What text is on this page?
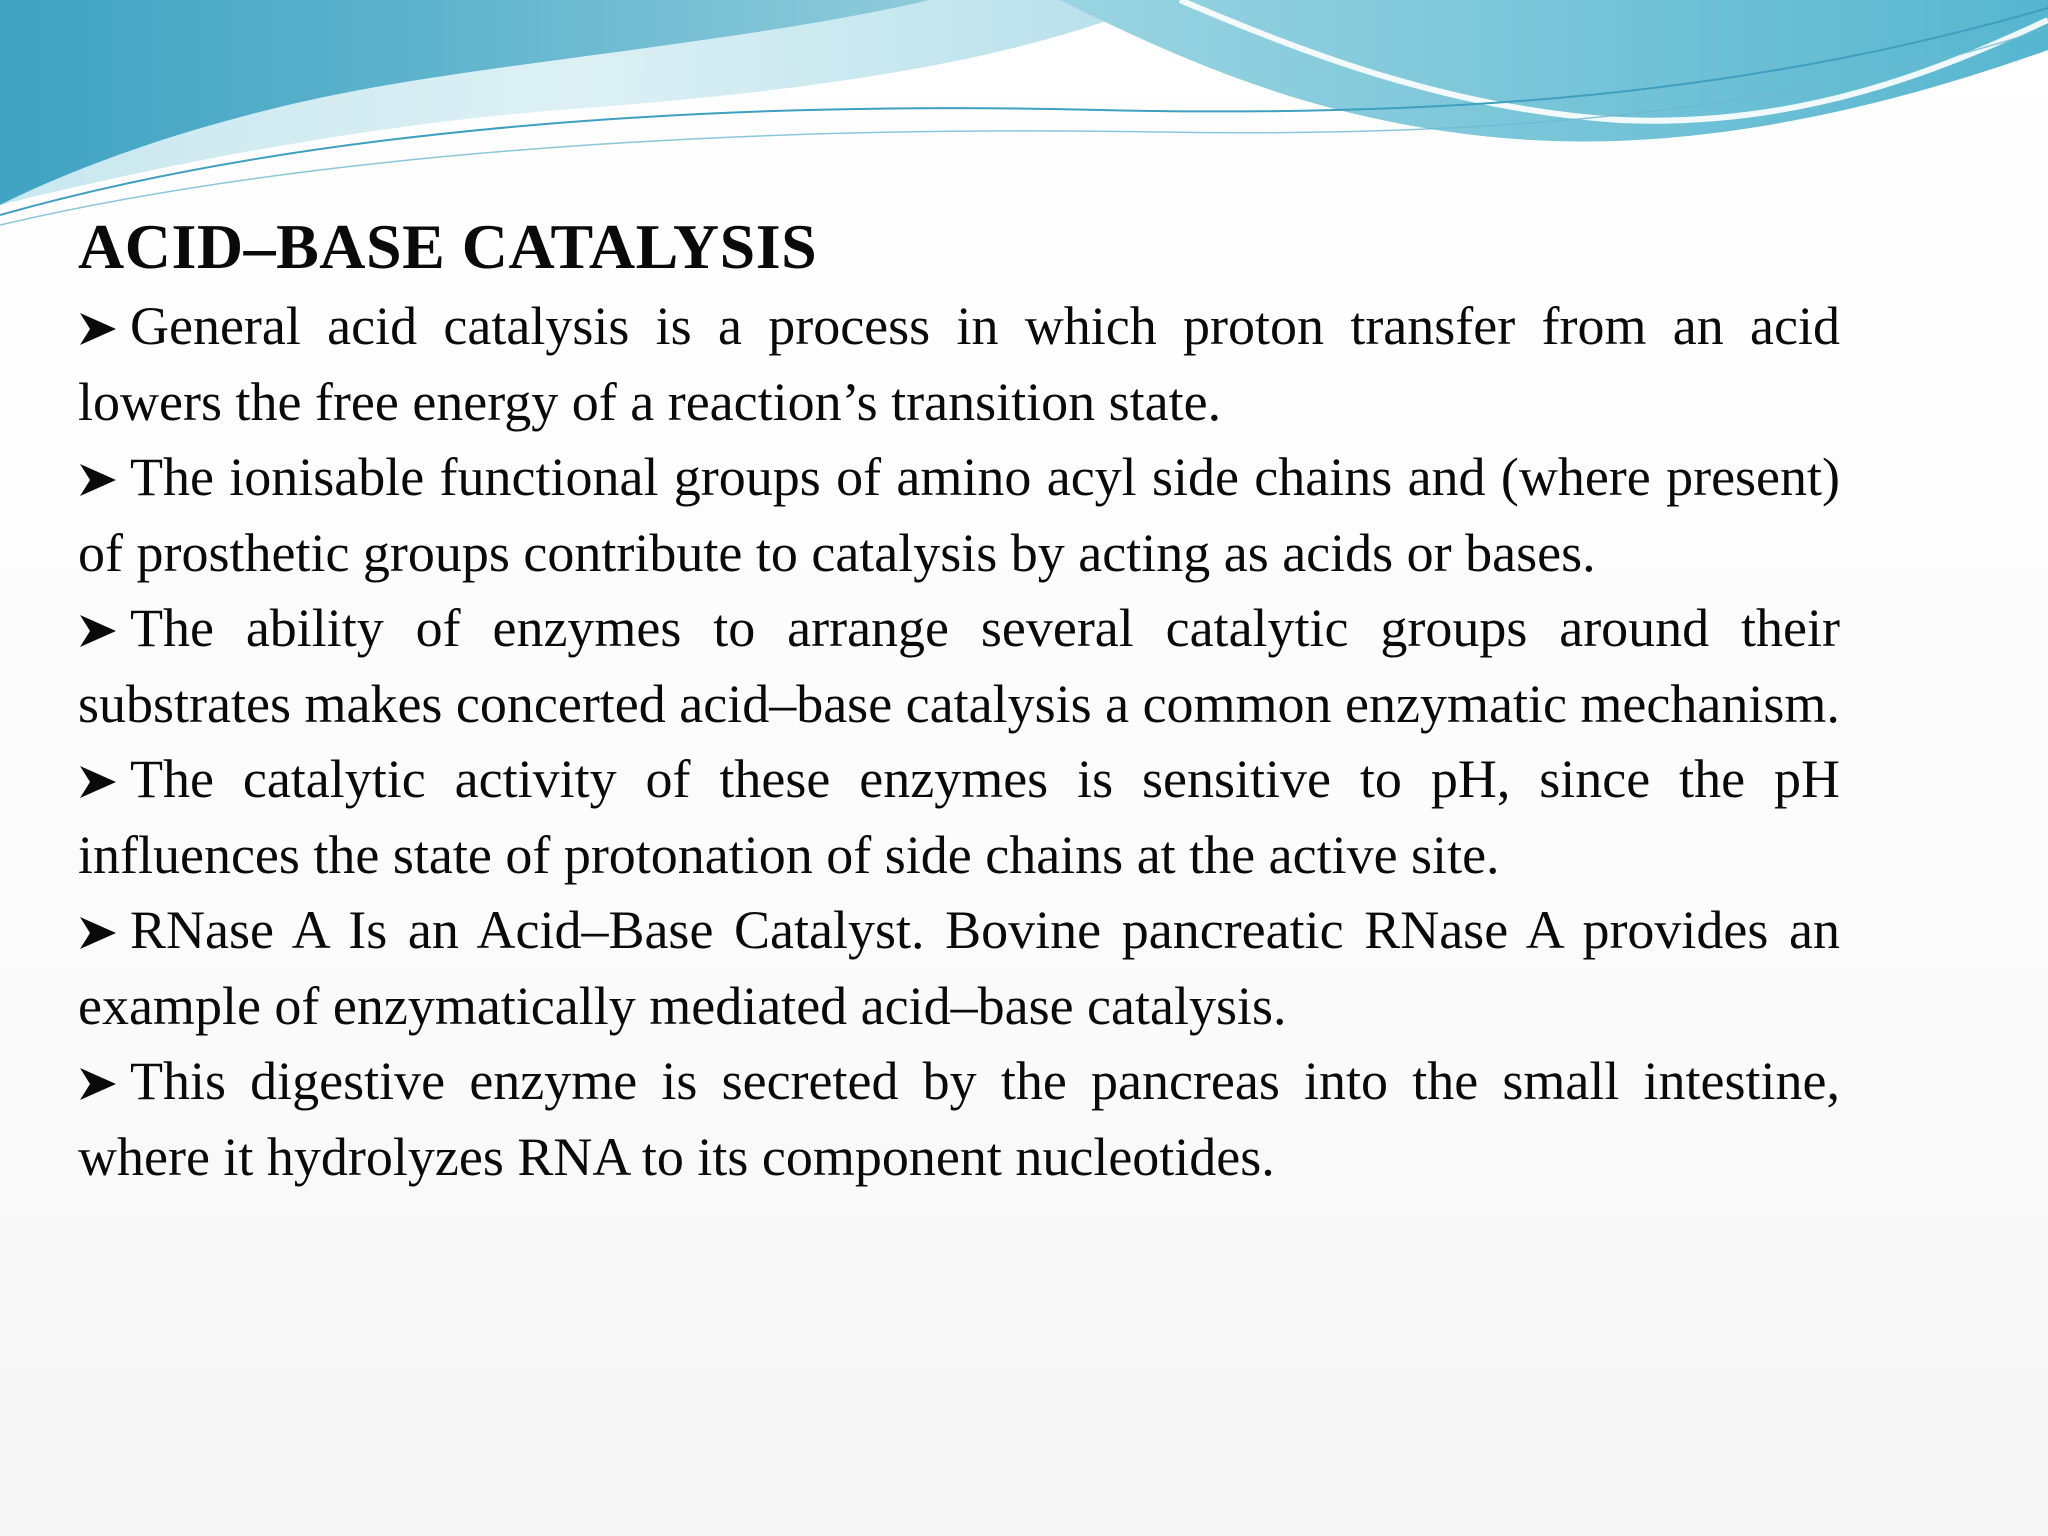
ACID–BASE CATALYSIS
General acid catalysis is a process in which proton transfer from an acid lowers the free energy of a reaction’s transition state.
The ionisable functional groups of amino acyl side chains and (where present) of prosthetic groups contribute to catalysis by acting as acids or bases.
The ability of enzymes to arrange several catalytic groups around their substrates makes concerted acid–base catalysis a common enzymatic mechanism.
The catalytic activity of these enzymes is sensitive to pH, since the pH influences the state of protonation of side chains at the active site.
RNase A Is an Acid–Base Catalyst. Bovine pancreatic RNase A provides an example of enzymatically mediated acid–base catalysis.
This digestive enzyme is secreted by the pancreas into the small intestine, where it hydrolyzes RNA to its component nucleotides.
